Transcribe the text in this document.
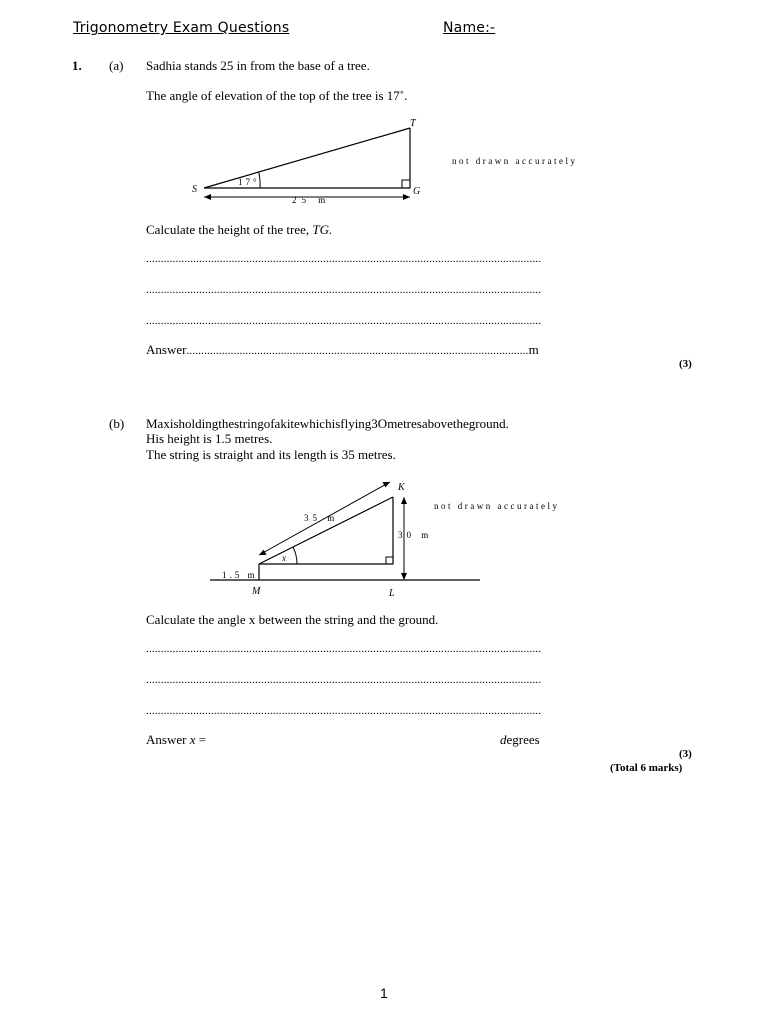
Trigonometry Exam Questions	Name:-
1. (a) Sadhia stands 25 in from the base of a tree.
The angle of elevation of the top of the tree is 17˚.
T
S	G
17°
25 m
not drawn accurately
Calculate the height of the tree, TG.
......................................................................................................................................
......................................................................................................................................
......................................................................................................................................
Answer....................................................................................................................m
(3)
(b) Maxisholdingthestringofakitewhichisflying3Ometresabovetheground.
His height is 1.5 metres.
The string is straight and its length is 35 metres.
K
M	L
35 m
30 m
1.5 m
x
not drawn accurately
Calculate the angle x between the string and the ground.
......................................................................................................................................
......................................................................................................................................
......................................................................................................................................
Answer x =	degrees
(3)
(Total 6 marks)
1
